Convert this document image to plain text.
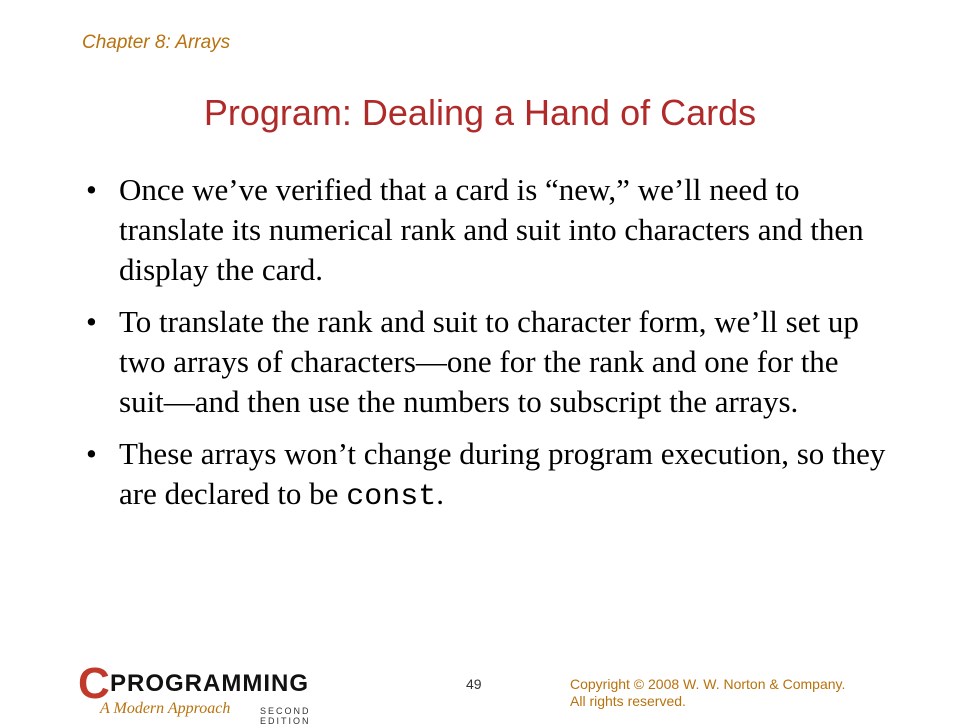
Chapter 8: Arrays
Program: Dealing a Hand of Cards
• Once we’ve verified that a card is “new,” we’ll need to translate its numerical rank and suit into characters and then display the card.
• To translate the rank and suit to character form, we’ll set up two arrays of characters—one for the rank and one for the suit—and then use the numbers to subscript the arrays.
• These arrays won’t change during program execution, so they are declared to be const.
C PROGRAMMING
A Modern Approach	SECOND EDITION
49	Copyright © 2008 W. W. Norton & Company.
All rights reserved.
